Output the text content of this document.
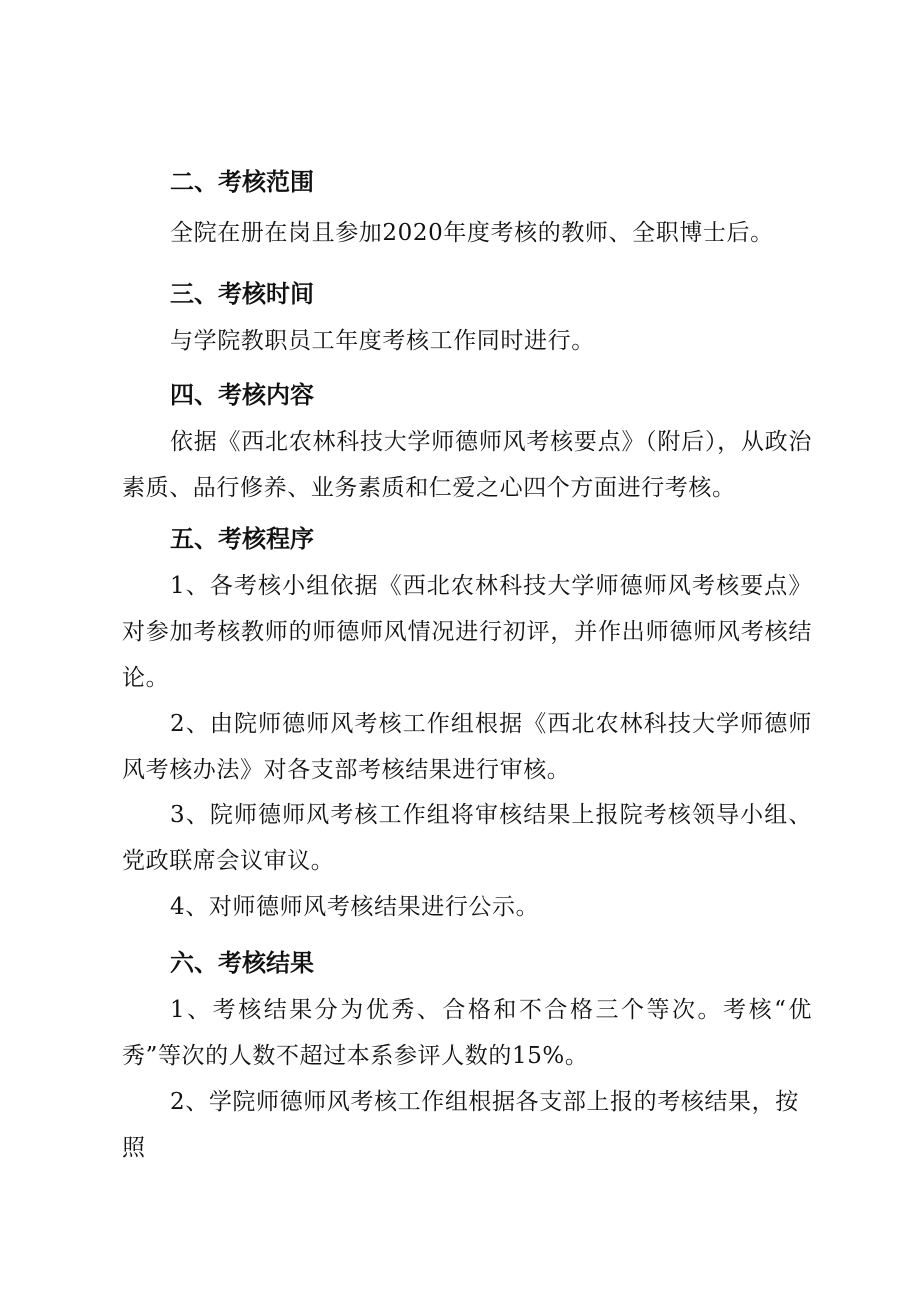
二、考核范围

全院在册在岗且参加2020年度考核的教师、全职博士后。

三、考核时间

与学院教职员工年度考核工作同时进行。

四、考核内容

依据《西北农林科技大学师德师风考核要点》（附后），从政治素质、品行修养、业务素质和仁爱之心四个方面进行考核。

五、考核程序

1、各考核小组依据《西北农林科技大学师德师风考核要点》对参加考核教师的师德师风情况进行初评，并作出师德师风考核结论。

2、由院师德师风考核工作组根据《西北农林科技大学师德师风考核办法》对各支部考核结果进行审核。

3、院师德师风考核工作组将审核结果上报院考核领导小组、党政联席会议审议。

4、对师德师风考核结果进行公示。

六、考核结果

1、考核结果分为优秀、合格和不合格三个等次。考核“优秀”等次的人数不超过本系参评人数的15%。

2、学院师德师风考核工作组根据各支部上报的考核结果，按照
